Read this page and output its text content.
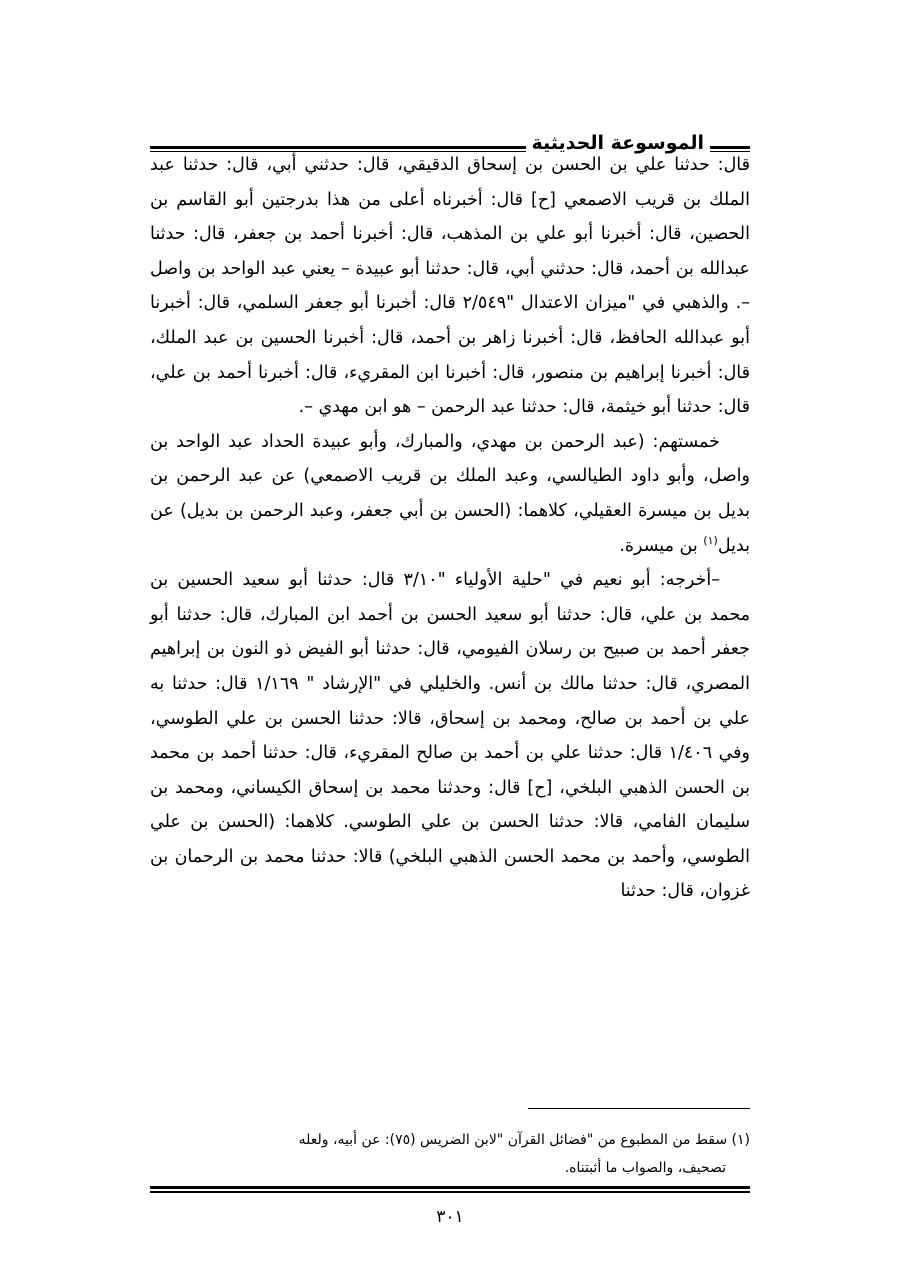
الموسوعة الحديثية

قال: حدثنا علي بن الحسن بن إسحاق الدقيقي، قال: حدثني أبي، قال: حدثنا عبد الملك بن قريب الاصمعي [ح] قال: أخبرناه أعلى من هذا بدرجتين أبو القاسم بن الحصين، قال: أخبرنا أبو علي بن المذهب، قال: أخبرنا أحمد بن جعفر، قال: حدثنا عبدالله بن أحمد، قال: حدثني أبي، قال: حدثنا أبو عبيدة – يعني عبد الواحد بن واصل –. والذهبي في "ميزان الاعتدال "٢/٥٤٩ قال: أخبرنا أبو جعفر السلمي، قال: أخبرنا أبو عبدالله الحافظ، قال: أخبرنا زاهر بن أحمد، قال: أخبرنا الحسين بن عبد الملك، قال: أخبرنا إبراهيم بن منصور، قال: أخبرنا ابن المقريء، قال: أخبرنا أحمد بن علي، قال: حدثنا أبو خيثمة، قال: حدثنا عبد الرحمن – هو ابن مهدي –.

خمستهم: (عبد الرحمن بن مهدي، والمبارك، وأبو عبيدة الحداد عبد الواحد بن واصل، وأبو داود الطيالسي، وعبد الملك بن قريب الاصمعي) عن عبد الرحمن بن بديل بن ميسرة العقيلي، كلاهما: (الحسن بن أبي جعفر، وعبد الرحمن بن بديل) عن بديل$^{(١)}$ بن ميسرة.

–أخرجه: أبو نعيم في "حلية الأولياء "٣/١٠ قال: حدثنا أبو سعيد الحسين بن محمد بن علي، قال: حدثنا أبو سعيد الحسن بن أحمد ابن المبارك، قال: حدثنا أبو جعفر أحمد بن صبيح بن رسلان الفيومي، قال: حدثنا أبو الفيض ذو النون بن إبراهيم المصري، قال: حدثنا مالك بن أنس. والخليلي في "الإرشاد " ١/١٦٩ قال: حدثنا به علي بن أحمد بن صالح، ومحمد بن إسحاق، قالا: حدثنا الحسن بن علي الطوسي، وفي ١/٤٠٦ قال: حدثنا علي بن أحمد بن صالح المقريء، قال: حدثنا أحمد بن محمد بن الحسن الذهبي البلخي، [ح] قال: وحدثنا محمد بن إسحاق الكيساني، ومحمد بن سليمان الفامي، قالا: حدثنا الحسن بن علي الطوسي. كلاهما: (الحسن بن علي الطوسي، وأحمد بن محمد الحسن الذهبي البلخي) قالا: حدثنا محمد بن الرحمان بن غزوان، قال: حدثنا

(١) سقط من المطبوع من "فضائل القرآن "لابن الضريس (٧٥): عن أبيه، ولعله
تصحيف، والصواب ما أثبتناه.
٣٠١
